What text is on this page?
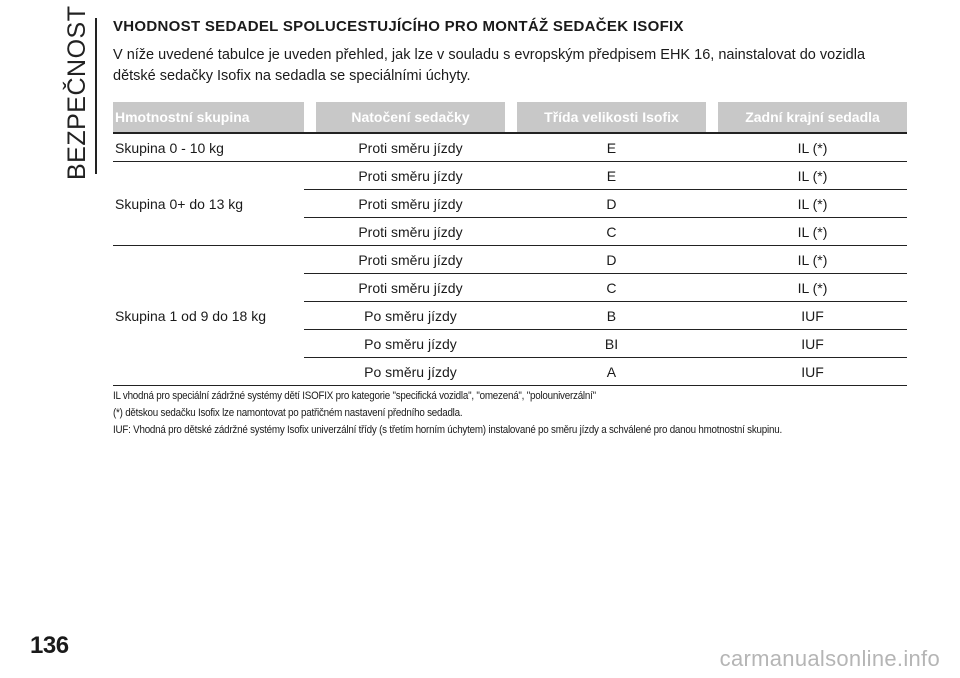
BEZPEČNOST VHODNOST SEDADEL SPOLUCESTUJÍCÍHO PRO MONTÁŽ SEDAČEK ISOFIX
V níže uvedené tabulce je uveden přehled, jak lze v souladu s evropským předpisem EHK 16, nainstalovat do vozidla dětské sedačky Isofix na sedadla se speciálními úchyty.
Hmotnostní skupina		Natočení sedačky		Třída velikosti Isofix		Zadní krajní sedadla
Skupina 0 - 10 kg		Proti směru jízdy		E		IL (*)
Skupina 0+ do 13 kg		Proti směru jízdy		E		IL (*)
		Proti směru jízdy		D		IL (*)
		Proti směru jízdy		C		IL (*)
Skupina 1 od 9 do 18 kg		Proti směru jízdy		D		IL (*)
		Proti směru jízdy		C		IL (*)
		Po směru jízdy		B		IUF
		Po směru jízdy		BI		IUF
		Po směru jízdy		A		IUF
IL vhodná pro speciální zádržné systémy dětí ISOFIX pro kategorie "specifická vozidla", "omezená", "polouniverzální"
(*) dětskou sedačku Isofix lze namontovat po patřičném nastavení předního sedadla.
IUF: Vhodná pro dětské zádržné systémy Isofix univerzální třídy (s třetím horním úchytem) instalované po směru jízdy a schválené pro danou hmotnostní skupinu.
136	carmanualsonline.info
